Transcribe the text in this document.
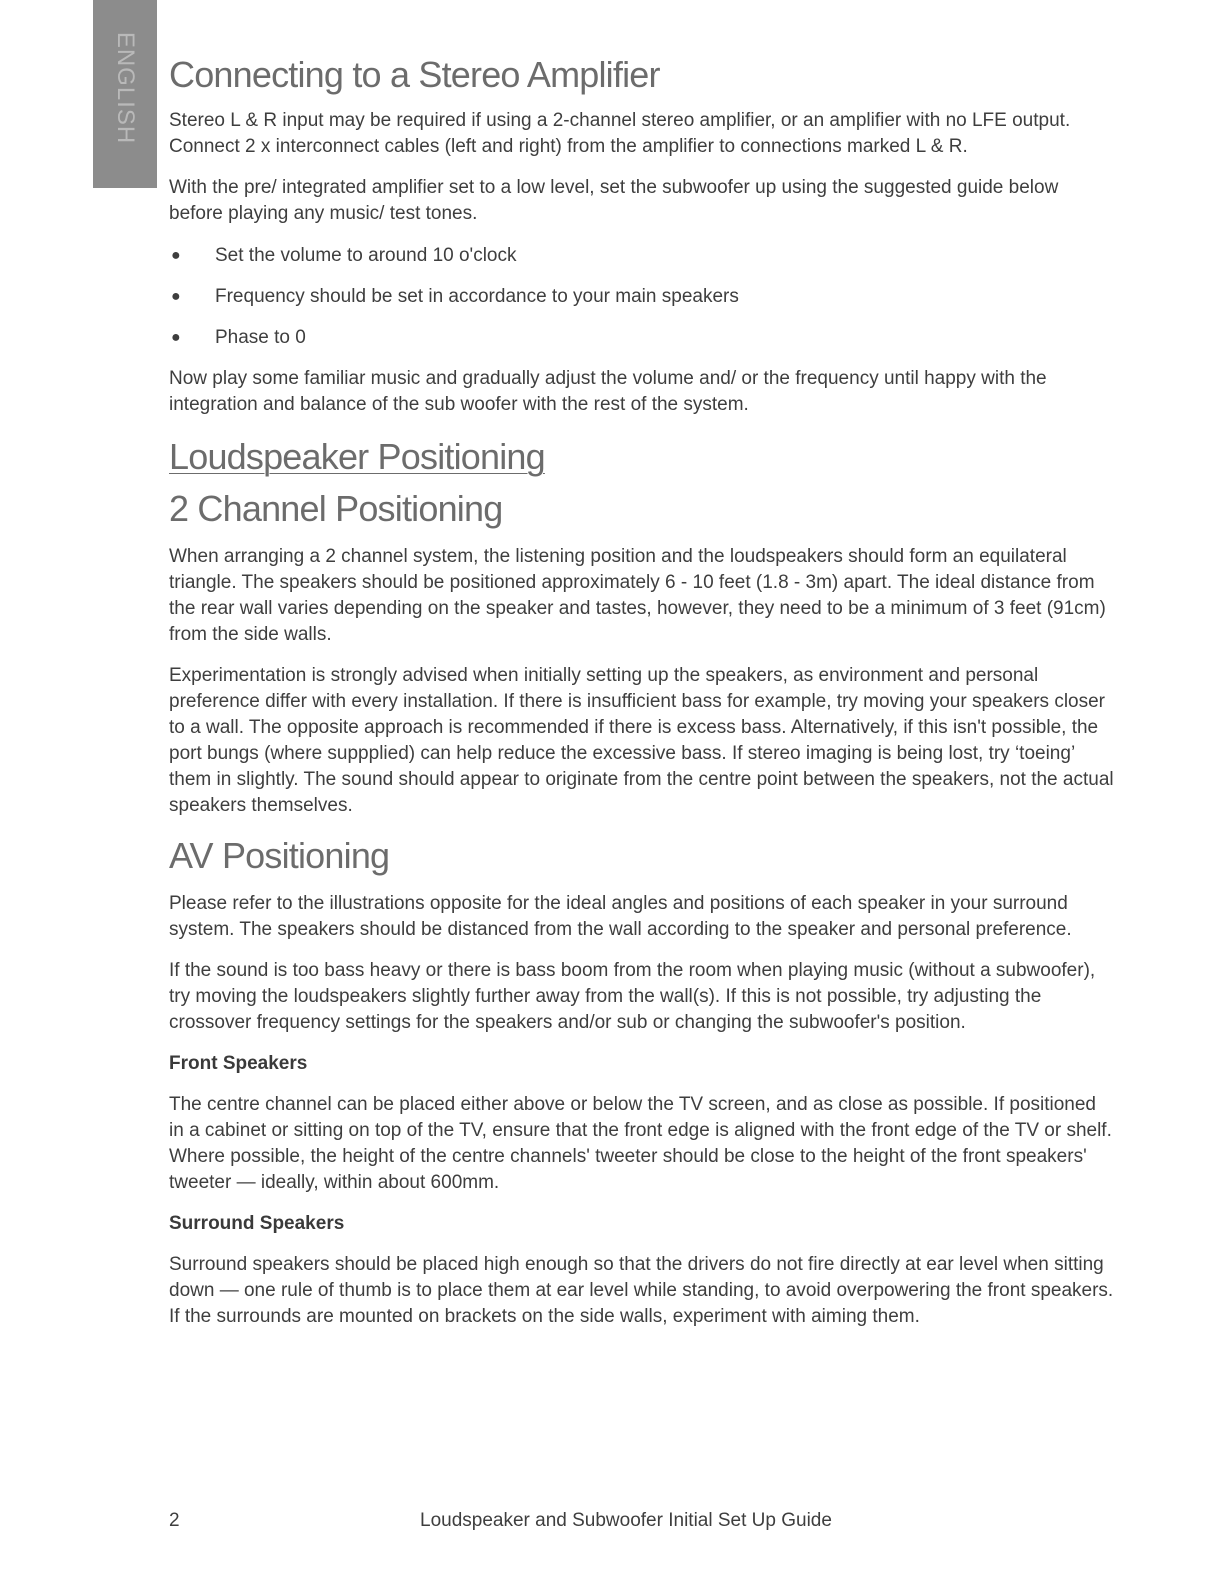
ENGLISH Connecting to a Stereo Amplifier

Stereo L & R input may be required if using a 2-channel stereo amplifier, or an amplifier with no LFE output. Connect 2 x interconnect cables (left and right) from the amplifier to connections marked L & R.

With the pre/ integrated amplifier set to a low level, set the subwoofer up using the suggested guide below before playing any music/ test tones.

● Set the volume to around 10 o'clock
● Frequency should be set in accordance to your main speakers
● Phase to 0

Now play some familiar music and gradually adjust the volume and/ or the frequency until happy with the integration and balance of the sub woofer with the rest of the system.

Loudspeaker Positioning
2 Channel Positioning

When arranging a 2 channel system, the listening position and the loudspeakers should form an equilateral triangle. The speakers should be positioned approximately 6 - 10 feet (1.8 - 3m) apart. The ideal distance from the rear wall varies depending on the speaker and tastes, however, they need to be a minimum of 3 feet (91cm) from the side walls.

Experimentation is strongly advised when initially setting up the speakers, as environment and personal preference differ with every installation. If there is insufficient bass for example, try moving your speakers closer to a wall. The opposite approach is recommended if there is excess bass. Alternatively, if this isn't possible, the port bungs (where suppplied) can help reduce the excessive bass. If stereo imaging is being lost, try ‘toeing’ them in slightly. The sound should appear to originate from the centre point between the speakers, not the actual speakers themselves.

AV Positioning

Please refer to the illustrations opposite for the ideal angles and positions of each speaker in your surround system. The speakers should be distanced from the wall according to the speaker and personal preference.

If the sound is too bass heavy or there is bass boom from the room when playing music (without a subwoofer), try moving the loudspeakers slightly further away from the wall(s). If this is not possible, try adjusting the crossover frequency settings for the speakers and/or sub or changing the subwoofer's position.

Front Speakers

The centre channel can be placed either above or below the TV screen, and as close as possible. If positioned in a cabinet or sitting on top of the TV, ensure that the front edge is aligned with the front edge of the TV or shelf. Where possible, the height of the centre channels' tweeter should be close to the height of the front speakers' tweeter — ideally, within about 600mm.

Surround Speakers

Surround speakers should be placed high enough so that the drivers do not fire directly at ear level when sitting down — one rule of thumb is to place them at ear level while standing, to avoid overpowering the front speakers. If the surrounds are mounted on brackets on the side walls, experiment with aiming them.

2	Loudspeaker and Subwoofer Initial Set Up Guide
